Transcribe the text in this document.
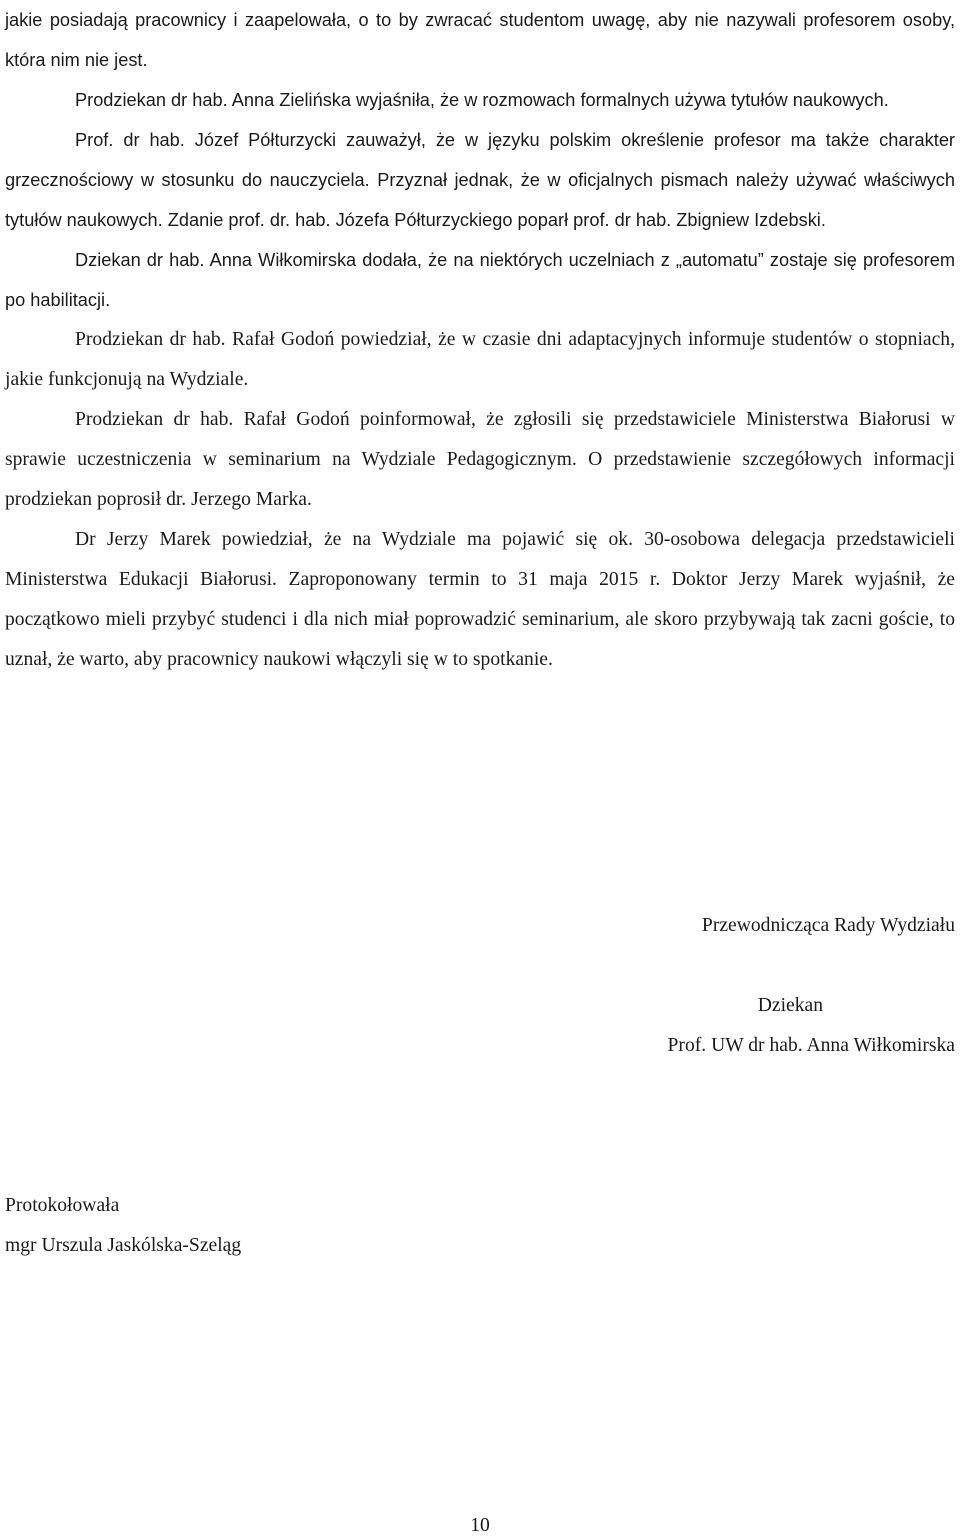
jakie posiadają pracownicy i zaapelowała, o to by zwracać studentom uwagę, aby nie nazywali profesorem osoby, która nim nie jest.

Prodziekan dr hab. Anna Zielińska wyjaśniła, że w rozmowach formalnych używa tytułów naukowych.

Prof. dr hab. Józef Półturzycki zauważył, że w języku polskim określenie profesor ma także charakter grzecznościowy w stosunku do nauczyciela. Przyznał jednak, że w oficjalnych pismach należy używać właściwych tytułów naukowych. Zdanie prof. dr. hab. Józefa Półturzyckiego poparł prof. dr hab. Zbigniew Izdebski.

Dziekan dr hab. Anna Wiłkomirska dodała, że na niektórych uczelniach z „automatu” zostaje się profesorem po habilitacji.

Prodziekan dr hab. Rafał Godoń powiedział, że w czasie dni adaptacyjnych informuje studentów o stopniach, jakie funkcjonują na Wydziale.

Prodziekan dr hab. Rafał Godoń poinformował, że zgłosili się przedstawiciele Ministerstwa Białorusi w sprawie uczestniczenia w seminarium na Wydziale Pedagogicznym. O przedstawienie szczegółowych informacji prodziekan poprosił dr. Jerzego Marka.

Dr Jerzy Marek powiedział, że na Wydziale ma pojawić się ok. 30-osobowa delegacja przedstawicieli Ministerstwa Edukacji Białorusi. Zaproponowany termin to 31 maja 2015 r. Doktor Jerzy Marek wyjaśnił, że początkowo mieli przybyć studenci i dla nich miał poprowadzić seminarium, ale skoro przybywają tak zacni goście, to uznał, że warto, aby pracownicy naukowi włączyli się w to spotkanie.

Przewodnicząca Rady Wydziału
Dziekan
Prof. UW dr hab. Anna Wiłkomirska
Protokołowała
mgr Urszula Jaskólska-Szeląg
10
